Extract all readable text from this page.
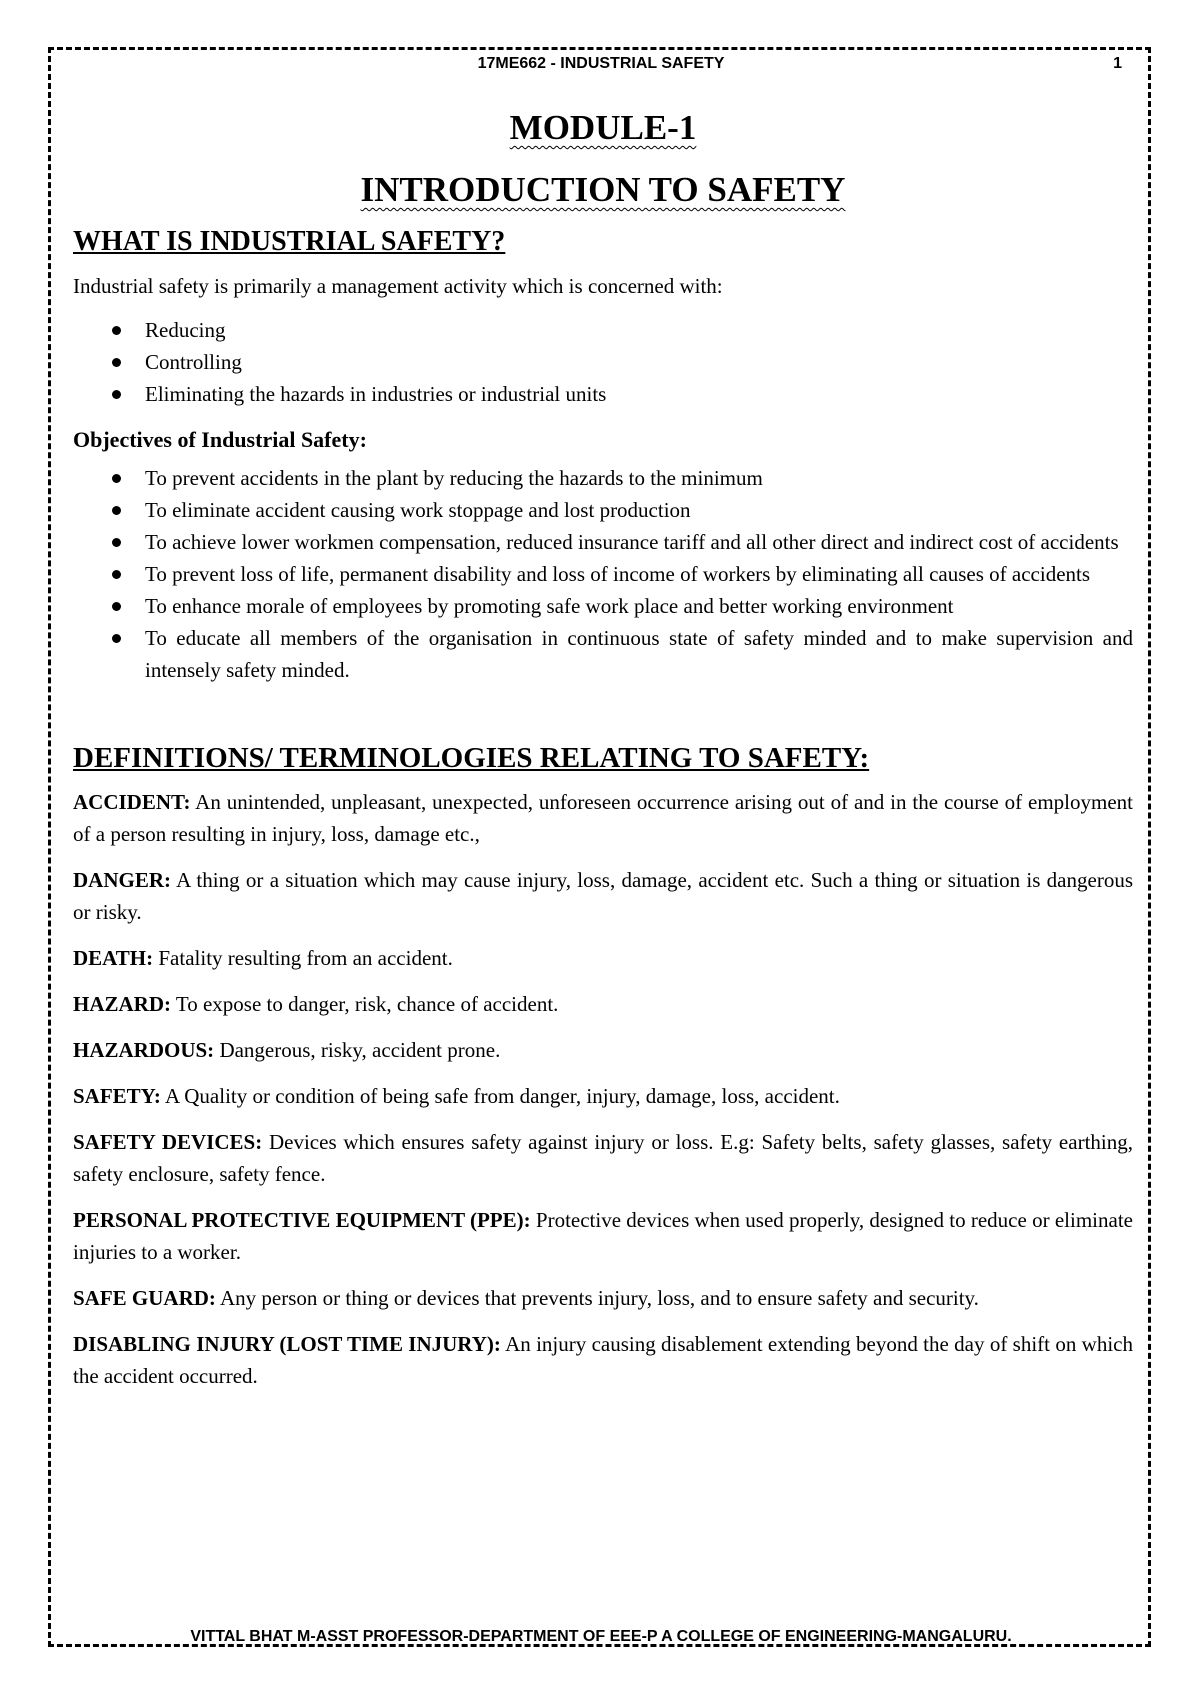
17ME662 - INDUSTRIAL SAFETY	1
MODULE-1
INTRODUCTION TO SAFETY
WHAT IS INDUSTRIAL SAFETY?

Industrial safety is primarily a management activity which is concerned with:

Reducing
Controlling
Eliminating the hazards in industries or industrial units
Objectives of Industrial Safety:
To prevent accidents in the plant by reducing the hazards to the minimum
To eliminate accident causing work stoppage and lost production
To achieve lower workmen compensation, reduced insurance tariff and all other direct and indirect cost of accidents
To prevent loss of life, permanent disability and loss of income of workers by eliminating all causes of accidents
To enhance morale of employees by promoting safe work place and better working environment
To educate all members of the organisation in continuous state of safety minded and to make supervision and intensely safety minded.
DEFINITIONS/ TERMINOLOGIES RELATING TO SAFETY:

ACCIDENT: An unintended, unpleasant, unexpected, unforeseen occurrence arising out of and in the course of employment of a person resulting in injury, loss, damage etc.,

DANGER: A thing or a situation which may cause injury, loss, damage, accident etc. Such a thing or situation is dangerous or risky.

DEATH: Fatality resulting from an accident.

HAZARD: To expose to danger, risk, chance of accident.

HAZARDOUS: Dangerous, risky, accident prone.

SAFETY: A Quality or condition of being safe from danger, injury, damage, loss, accident.

SAFETY DEVICES: Devices which ensures safety against injury or loss. E.g: Safety belts, safety glasses, safety earthing, safety enclosure, safety fence.

PERSONAL PROTECTIVE EQUIPMENT (PPE): Protective devices when used properly, designed to reduce or eliminate injuries to a worker.

SAFE GUARD: Any person or thing or devices that prevents injury, loss, and to ensure safety and security.

DISABLING INJURY (LOST TIME INJURY): An injury causing disablement extending beyond the day of shift on which the accident occurred.

VITTAL BHAT M-ASST PROFESSOR-DEPARTMENT OF EEE-P A COLLEGE OF ENGINEERING-MANGALURU.
